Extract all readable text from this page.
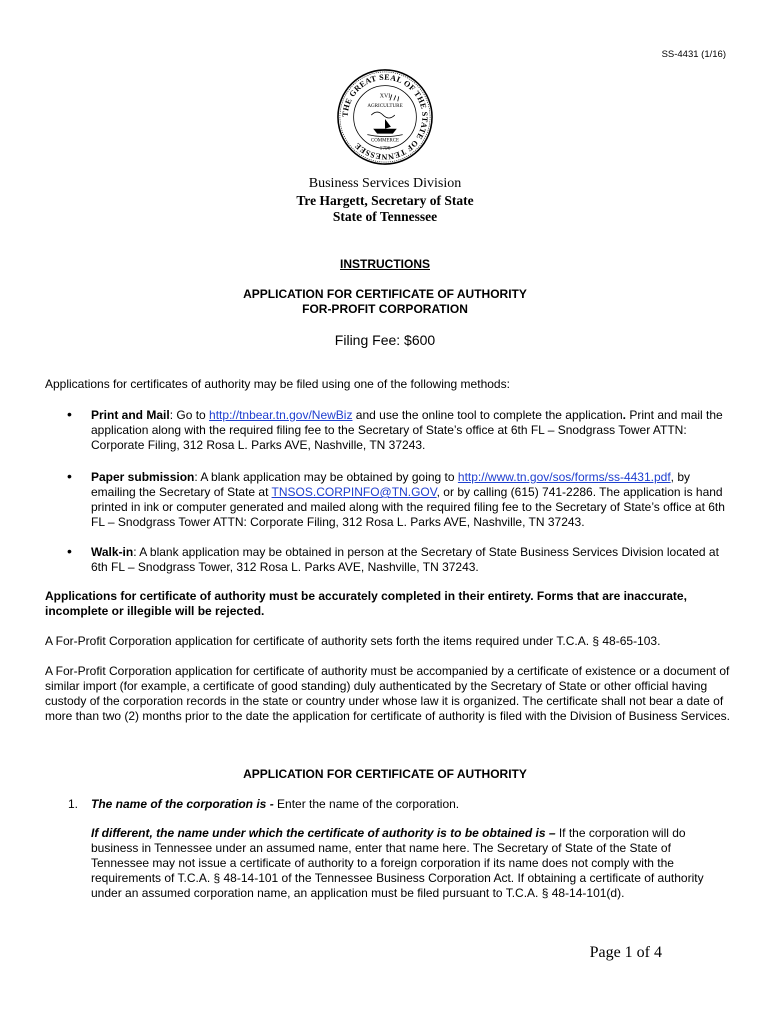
SS-4431 (1/16)
THE GREAT SEAL OF THE STATE OF TENNESSEE
XVI
AGRICULTURE
COMMERCE
1796
Business Services Division
Tre Hargett, Secretary of State
State of Tennessee
INSTRUCTIONS
APPLICATION FOR CERTIFICATE OF AUTHORITY
FOR-PROFIT CORPORATION
Filing Fee: $600
Applications for certificates of authority may be filed using one of the following methods:
• Print and Mail: Go to http://tnbear.tn.gov/NewBiz and use the online tool to complete the application. Print and mail the application along with the required filing fee to the Secretary of State’s office at 6th FL – Snodgrass Tower ATTN: Corporate Filing, 312 Rosa L. Parks AVE, Nashville, TN 37243.
• Paper submission: A blank application may be obtained by going to http://www.tn.gov/sos/forms/ss-4431.pdf, by emailing the Secretary of State at TNSOS.CORPINFO@TN.GOV, or by calling (615) 741-2286. The application is hand printed in ink or computer generated and mailed along with the required filing fee to the Secretary of State’s office at 6th FL – Snodgrass Tower ATTN: Corporate Filing, 312 Rosa L. Parks AVE, Nashville, TN 37243.
• Walk-in: A blank application may be obtained in person at the Secretary of State Business Services Division located at 6th FL – Snodgrass Tower, 312 Rosa L. Parks AVE, Nashville, TN 37243.
Applications for certificate of authority must be accurately completed in their entirety. Forms that are inaccurate, incomplete or illegible will be rejected.
A For-Profit Corporation application for certificate of authority sets forth the items required under T.C.A. § 48-65-103.
A For-Profit Corporation application for certificate of authority must be accompanied by a certificate of existence or a document of similar import (for example, a certificate of good standing) duly authenticated by the Secretary of State or other official having custody of the corporation records in the state or country under whose law it is organized. The certificate shall not bear a date of more than two (2) months prior to the date the application for certificate of authority is filed with the Division of Business Services.
APPLICATION FOR CERTIFICATE OF AUTHORITY
1. The name of the corporation is - Enter the name of the corporation.
If different, the name under which the certificate of authority is to be obtained is – If the corporation will do business in Tennessee under an assumed name, enter that name here. The Secretary of State of the State of Tennessee may not issue a certificate of authority to a foreign corporation if its name does not comply with the requirements of T.C.A. § 48-14-101 of the Tennessee Business Corporation Act. If obtaining a certificate of authority under an assumed corporation name, an application must be filed pursuant to T.C.A. § 48-14-101(d).
Page 1 of 4
